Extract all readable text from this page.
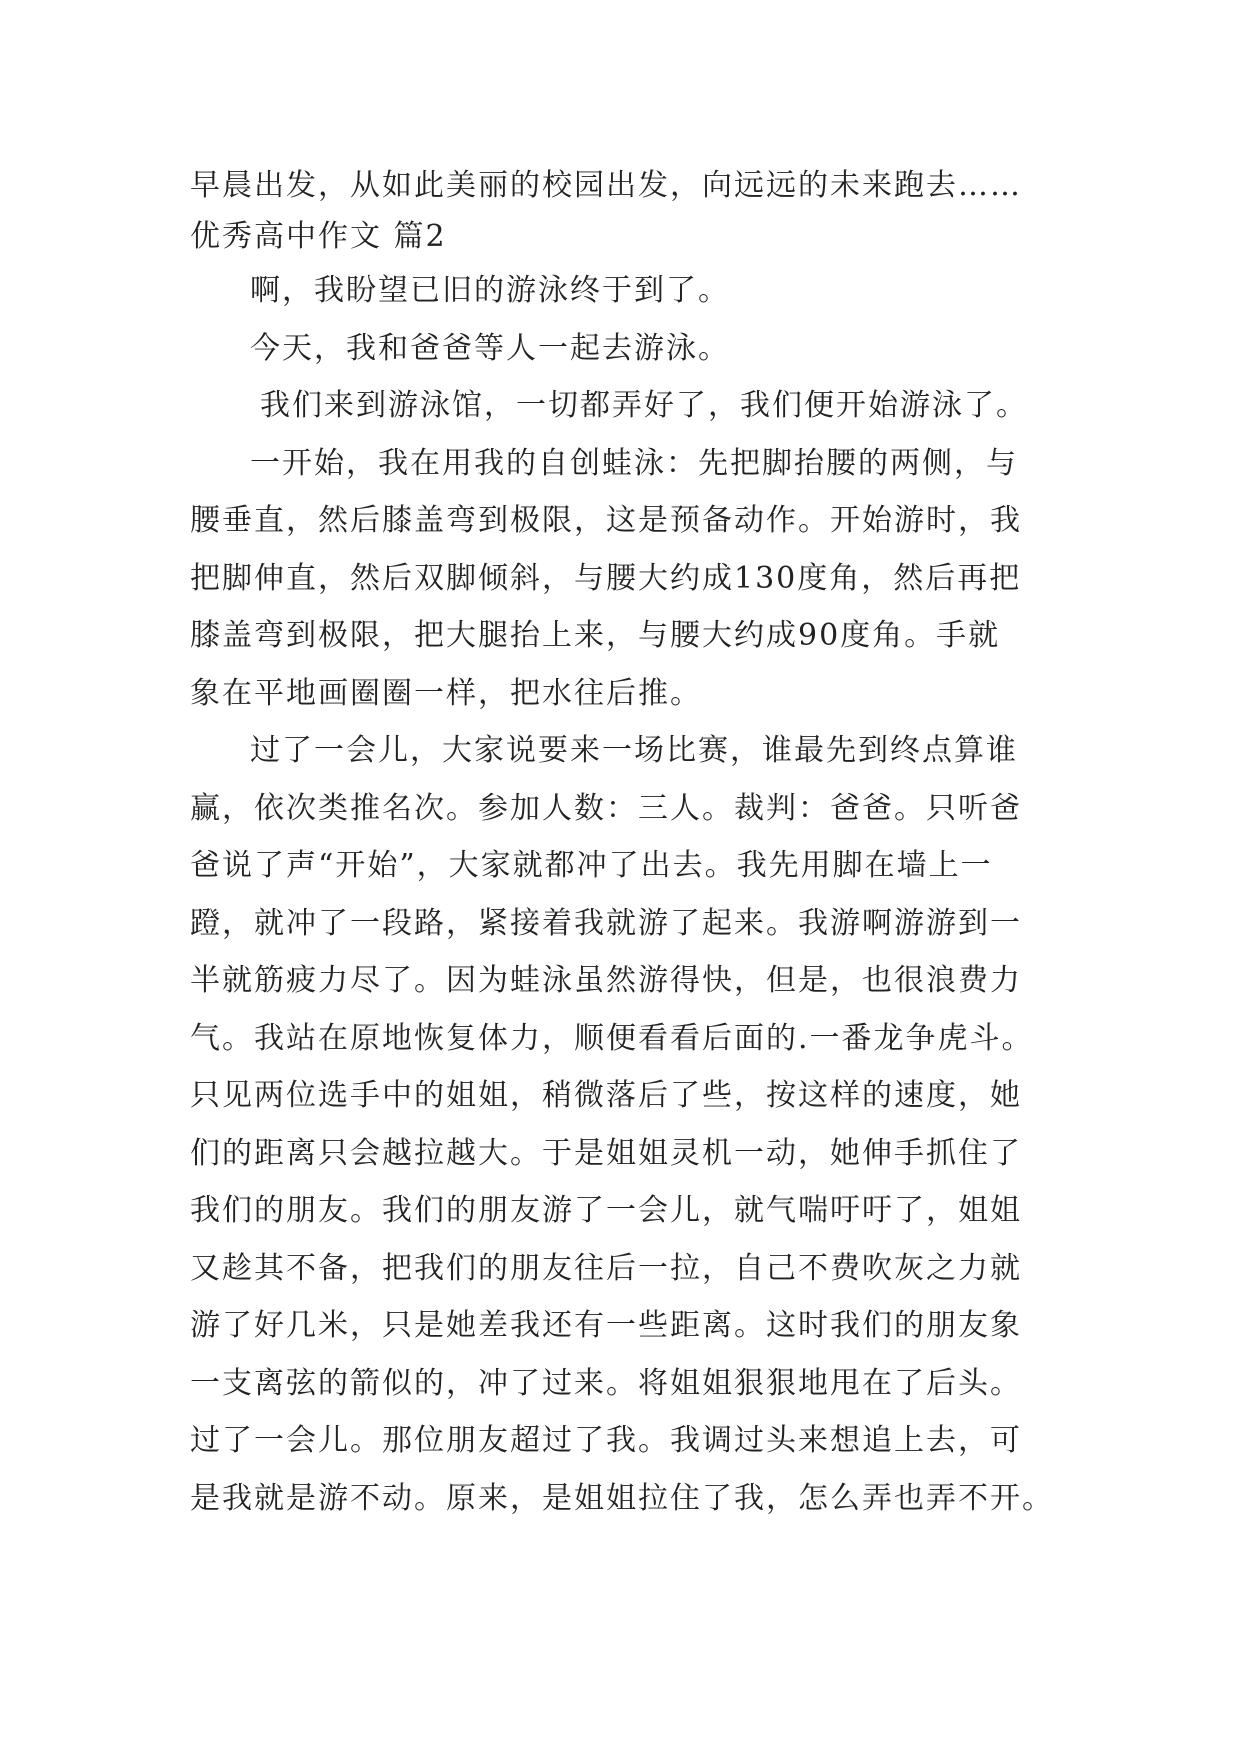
早晨出发，从如此美丽的校园出发，向远远的未来跑去……
优秀高中作文 篇2
啊，我盼望已旧的游泳终于到了。
今天，我和爸爸等人一起去游泳。
我们来到游泳馆，一切都弄好了，我们便开始游泳了。
一开始，我在用我的自创蛙泳：先把脚抬腰的两侧，与
腰垂直，然后膝盖弯到极限，这是预备动作。开始游时，我
把脚伸直，然后双脚倾斜，与腰大约成130度角，然后再把
膝盖弯到极限，把大腿抬上来，与腰大约成90度角。手就
象在平地画圈圈一样，把水往后推。
过了一会儿，大家说要来一场比赛，谁最先到终点算谁
赢，依次类推名次。参加人数：三人。裁判：爸爸。只听爸
爸说了声“开始”，大家就都冲了出去。我先用脚在墙上一
蹬，就冲了一段路，紧接着我就游了起来。我游啊游游到一
半就筋疲力尽了。因为蛙泳虽然游得快，但是，也很浪费力
气。我站在原地恢复体力，顺便看看后面的.一番龙争虎斗。
只见两位选手中的姐姐，稍微落后了些，按这样的速度，她
们的距离只会越拉越大。于是姐姐灵机一动，她伸手抓住了
我们的朋友。我们的朋友游了一会儿，就气喘吁吁了，姐姐
又趁其不备，把我们的朋友往后一拉，自己不费吹灰之力就
游了好几米，只是她差我还有一些距离。这时我们的朋友象
一支离弦的箭似的，冲了过来。将姐姐狠狠地甩在了后头。
过了一会儿。那位朋友超过了我。我调过头来想追上去，可
是我就是游不动。原来，是姐姐拉住了我，怎么弄也弄不开。
